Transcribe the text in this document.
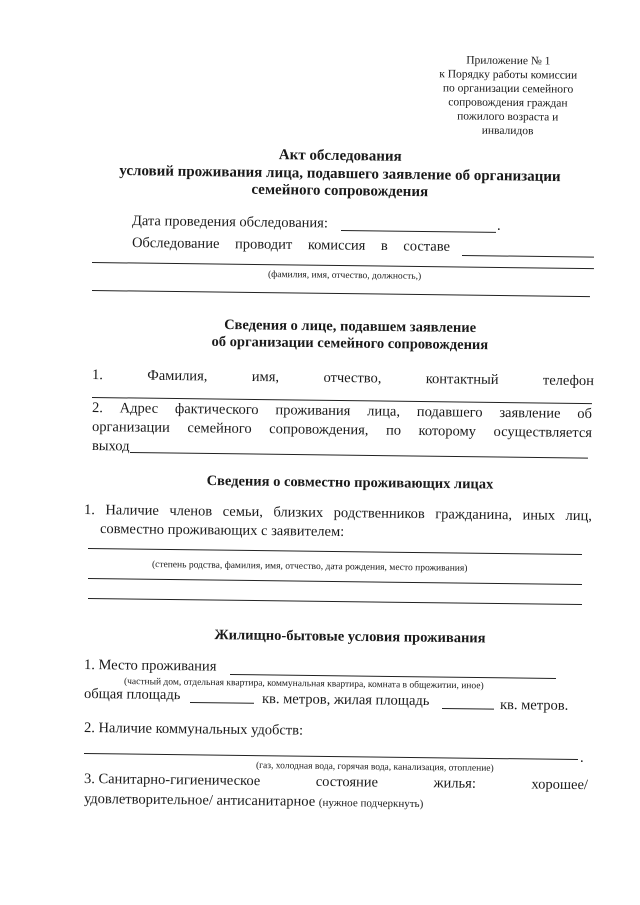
Приложение № 1
к Порядку работы комиссии
по организации семейного
сопровождения граждан
пожилого возраста и
инвалидов
Акт обследования
условий проживания лица, подавшего заявление об организации
семейного сопровождения
Дата проведения обследования:	.
Обследование проводит комиссия в составе
(фамилия, имя, отчество, должность,)
Сведения о лице, подавшем заявление
об организации семейного сопровождения
1.	Фамилия,	имя,	отчество,	контактный	телефон
2. Адрес фактического проживания лица, подавшего заявление об
организации семейного сопровождения, по которому осуществляется
выход
Сведения о совместно проживающих лицах
1. Наличие членов семьи, близких родственников гражданина, иных лиц,
совместно проживающих с заявителем:
(степень родства, фамилия, имя, отчество, дата рождения, место проживания)
Жилищно-бытовые условия проживания
1. Место проживания
(частный дом, отдельная квартира, коммунальная квартира, комната в общежитии, иное)
общая площадь	кв. метров, жилая площадь	кв. метров.
2. Наличие коммунальных удобств:
.
(газ, холодная вода, горячая вода, канализация, отопление)
3. Санитарно-гигиеническое	состояние	жилья:	хорошее/
удовлетворительное/ антисанитарное (нужное подчеркнуть)
